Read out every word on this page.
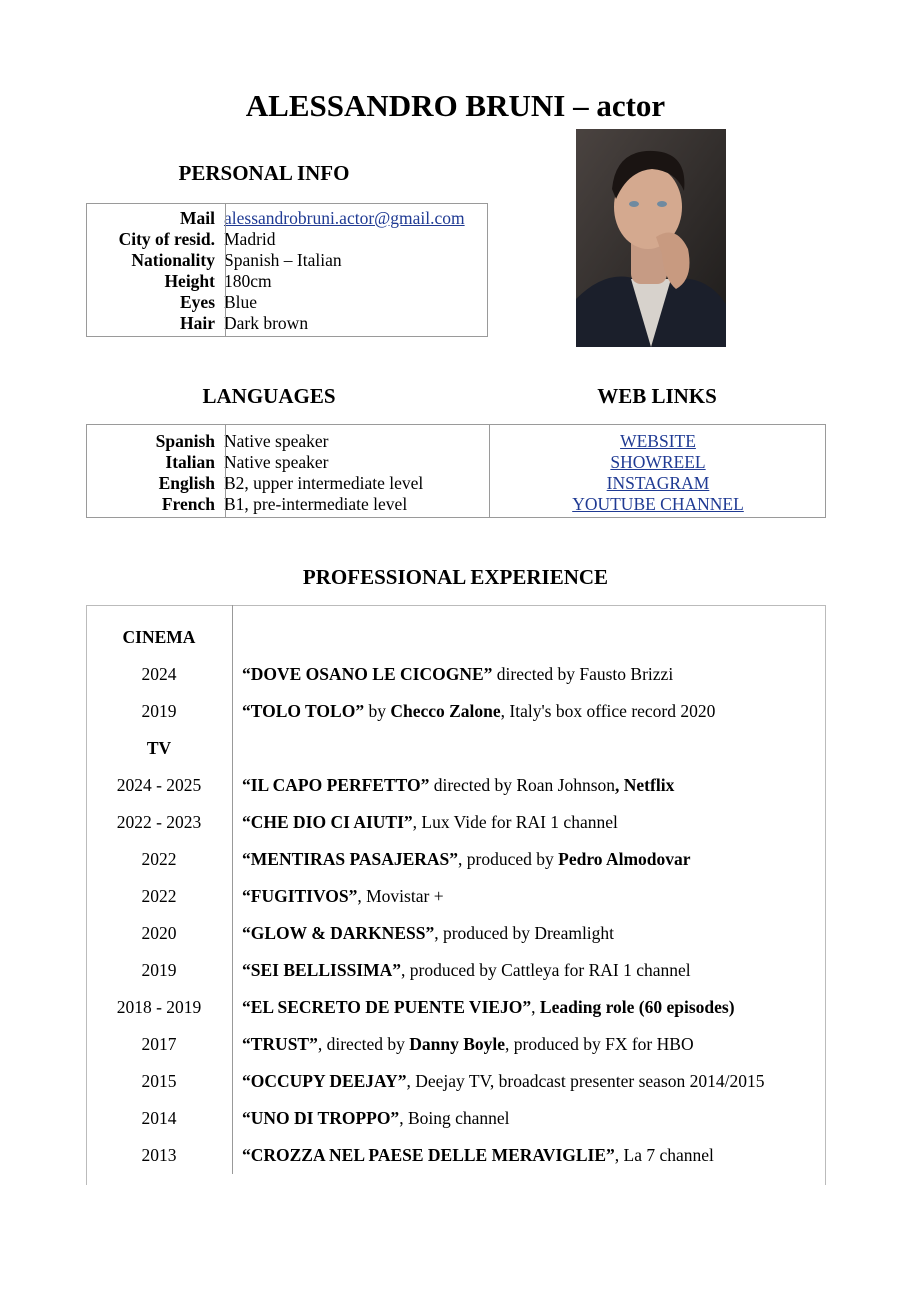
ALESSANDRO BRUNI – actor
PERSONAL INFO
Mail alessandrobruni.actor@gmail.com
City of resid. Madrid
Nationality Spanish – Italian
Height 180cm
Eyes Blue
Hair Dark brown
LANGUAGES	WEB LINKS
Spanish Native speaker
Italian Native speaker
English B2, upper intermediate level
French B1, pre-intermediate level
WEBSITE
SHOWREEL
INSTAGRAM
YOUTUBE CHANNEL
PROFESSIONAL EXPERIENCE

CINEMA	
2024	“DOVE OSANO LE CICOGNE” directed by Fausto Brizzi
2019	“TOLO TOLO” by Checco Zalone, Italy's box office record 2020
TV	
2024 - 2025	“IL CAPO PERFETTO” directed by Roan Johnson, Netflix
2022 - 2023	“CHE DIO CI AIUTI”, Lux Vide for RAI 1 channel
2022	“MENTIRAS PASAJERAS”, produced by Pedro Almodovar
2022	“FUGITIVOS”, Movistar +
2020	“GLOW & DARKNESS”, produced by Dreamlight
2019	“SEI BELLISSIMA”, produced by Cattleya for RAI 1 channel
2018 - 2019	“EL SECRETO DE PUENTE VIEJO”, Leading role (60 episodes)
2017	“TRUST”, directed by Danny Boyle, produced by FX for HBO
2015	“OCCUPY DEEJAY”, Deejay TV, broadcast presenter season 2014/2015
2014	“UNO DI TROPPO”, Boing channel
2013	“CROZZA NEL PAESE DELLE MERAVIGLIE”, La 7 channel
